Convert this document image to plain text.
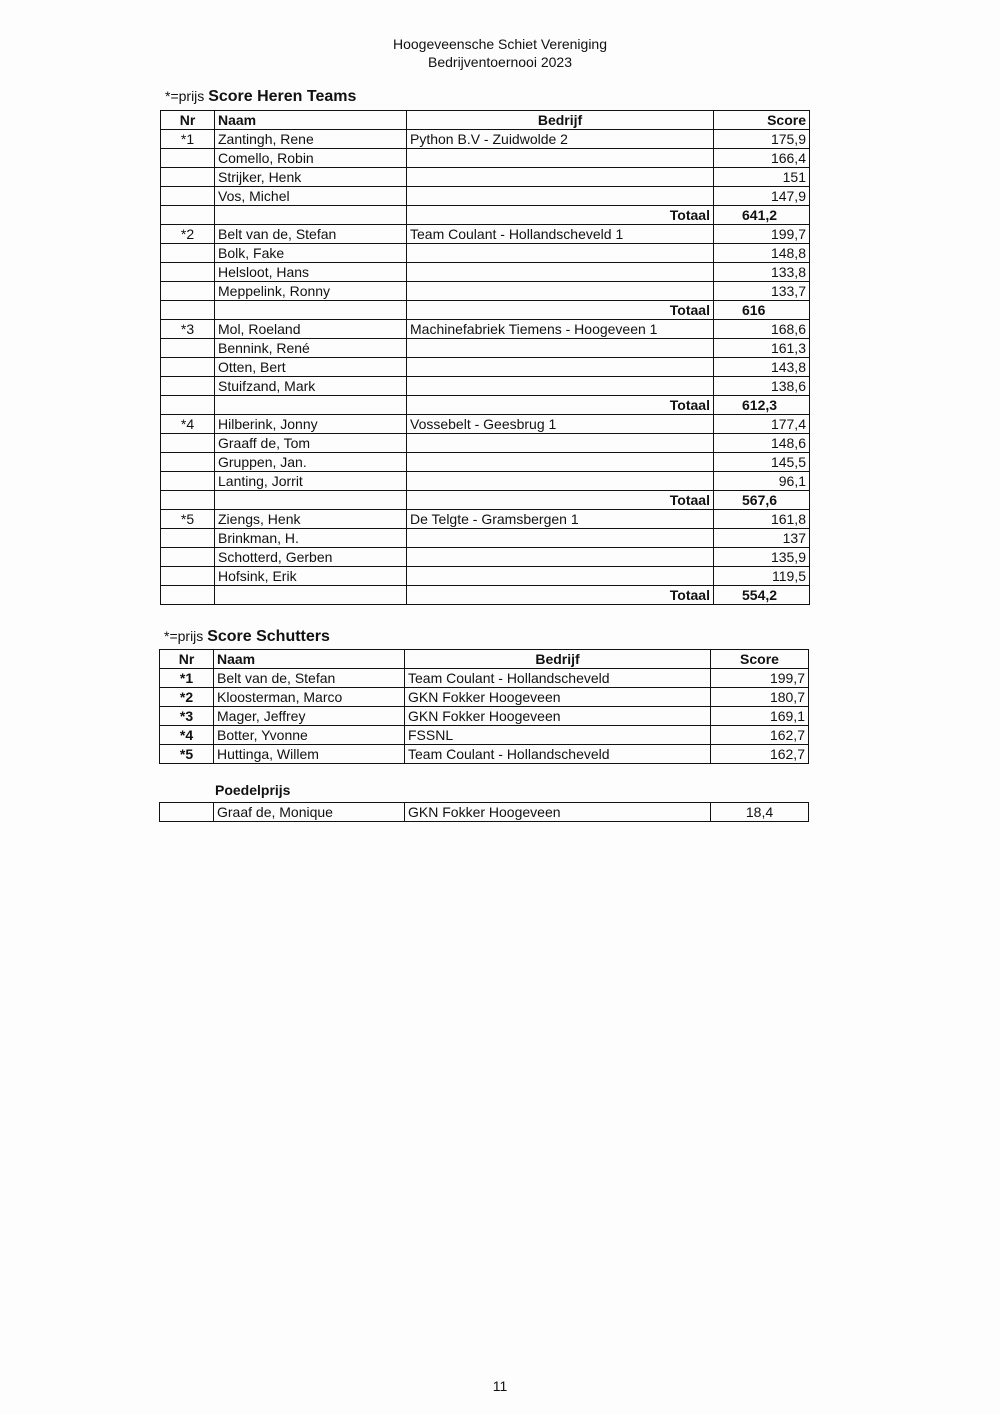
Hoogeveensche Schiet Vereniging
Bedrijventoernooi 2023
*=prijs Score Heren Teams
Nr	Naam	Bedrijf	Score
*1	Zantingh, Rene	Python B.V - Zuidwolde 2	175,9
	Comello, Robin		166,4
	Strijker, Henk		151
	Vos, Michel		147,9
		Totaal	641,2
*2	Belt van de, Stefan	Team Coulant - Hollandscheveld 1	199,7
	Bolk, Fake		148,8
	Helsloot, Hans		133,8
	Meppelink, Ronny		133,7
		Totaal	616
*3	Mol, Roeland	Machinefabriek Tiemens - Hoogeveen 1	168,6
	Bennink, René		161,3
	Otten, Bert		143,8
	Stuifzand, Mark		138,6
		Totaal	612,3
*4	Hilberink, Jonny	Vossebelt - Geesbrug 1	177,4
	Graaff de, Tom		148,6
	Gruppen, Jan.		145,5
	Lanting, Jorrit		96,1
		Totaal	567,6
*5	Ziengs, Henk	De Telgte - Gramsbergen 1	161,8
	Brinkman, H.		137
	Schotterd, Gerben		135,9
	Hofsink, Erik		119,5
		Totaal	554,2
*=prijs Score Schutters
Nr	Naam	Bedrijf	Score
*1	Belt van de, Stefan	Team Coulant - Hollandscheveld	199,7
*2	Kloosterman, Marco	GKN Fokker Hoogeveen	180,7
*3	Mager, Jeffrey	GKN Fokker Hoogeveen	169,1
*4	Botter, Yvonne	FSSNL	162,7
*5	Huttinga, Willem	Team Coulant - Hollandscheveld	162,7
Poedelprijs
	Graaf de, Monique	GKN Fokker Hoogeveen	18,4
11
